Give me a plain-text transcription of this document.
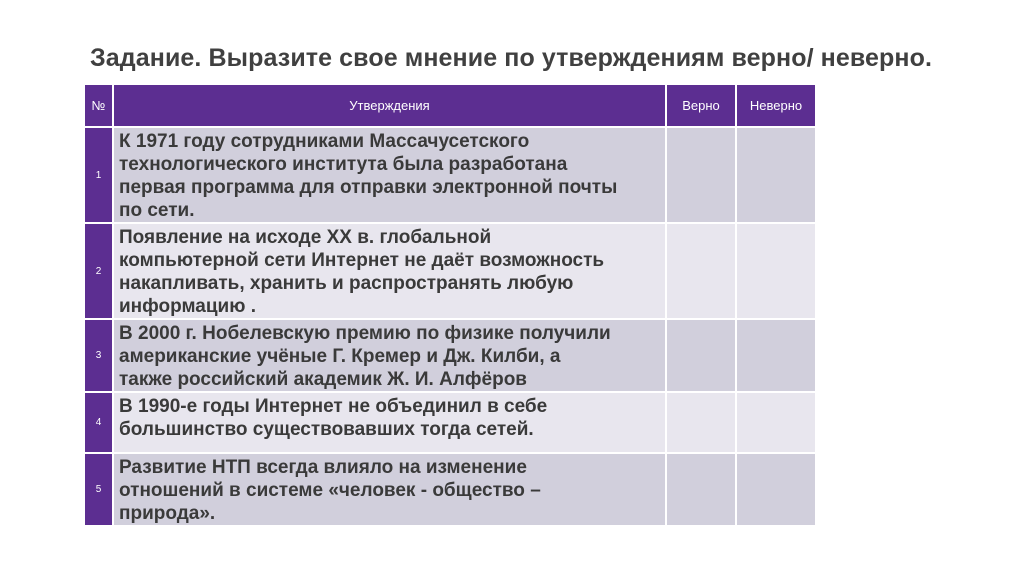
Задание. Выразите свое мнение по утверждениям верно/ неверно.
№	Утверждения	Верно	Неверно
1	К 1971 году сотрудниками Массачусетского
технологического института была разработана
первая программа для отправки электронной почты
по сети.		

2	Появление на исходе XX в. глобальной
компьютерной сети Интернет не даёт возможность
накапливать, хранить и распространять любую
информацию .		

3	В 2000 г. Нобелевскую премию по физике получили
американские учёные Г. Кремер и Дж. Килби, а
также российский академик Ж. И. Алфёров		

4	В 1990-е годы Интернет не объединил в себе
большинство существовавших тогда сетей.		

5	Развитие НТП всегда влияло на изменение
отношений в системе «человек - общество –
природа».		
